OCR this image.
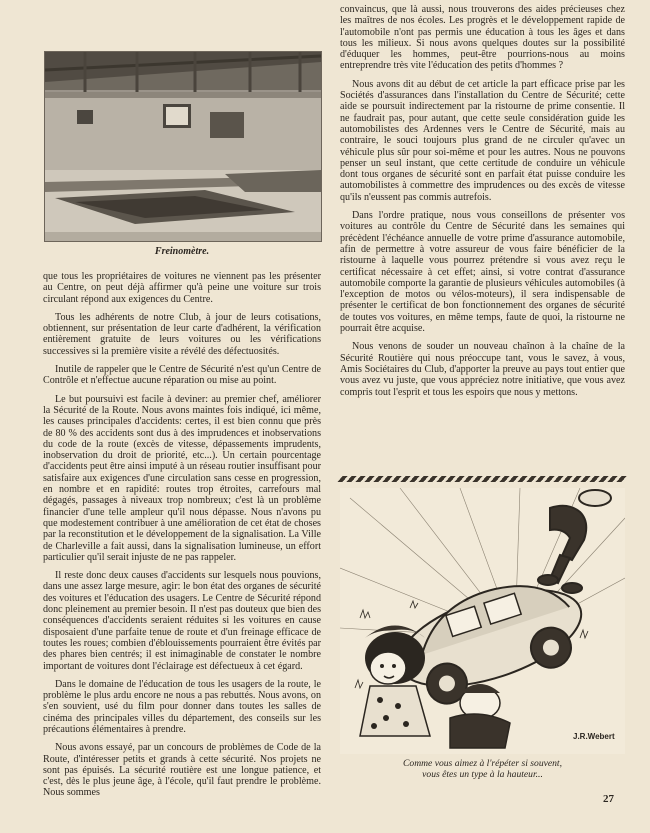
Freinomètre.

que tous les propriétaires de voitures ne viennent pas les présenter au Centre, on peut déjà affirmer qu'à peine une voiture sur trois circulant répond aux exigences du Centre.

Tous les adhérents de notre Club, à jour de leurs cotisations, obtiennent, sur présentation de leur carte d'adhérent, la vérification entièrement gratuite de leurs voitures ou les vérifications successives si la première visite a révélé des défectuosités.

Inutile de rappeler que le Centre de Sécurité n'est qu'un Centre de Contrôle et n'effectue aucune réparation ou mise au point.

Le but poursuivi est facile à deviner: au premier chef, améliorer la Sécurité de la Route. Nous avons maintes fois indiqué, ici même, les causes principales d'accidents: certes, il est bien connu que près de 80 % des accidents sont dus à des imprudences et inobservations du code de la route (excès de vitesse, dépassements imprudents, inobservation du droit de priorité, etc...). Un certain pourcentage d'accidents peut être ainsi imputé à un réseau routier insuffisant pour satisfaire aux exigences d'une circulation sans cesse en progression, en nombre et en rapidité: routes trop étroites, carrefours mal dégagés, passages à niveaux trop nombreux; c'est là un problème financier d'une telle ampleur qu'il nous dépasse. Nous n'avons pu que modestement contribuer à une amélioration de cet état de choses par la reconstitution et le développement de la signalisation. La Ville de Charleville a fait aussi, dans la signalisation lumineuse, un effort particulier qu'il serait injuste de ne pas rappeler.

Il reste donc deux causes d'accidents sur lesquels nous pouvions, dans une assez large mesure, agir: le bon état des organes de sécurité des voitures et l'éducation des usagers. Le Centre de Sécurité répond donc pleinement au premier besoin. Il n'est pas douteux que bien des conséquences d'accidents seraient réduites si les voitures en cause disposaient d'une parfaite tenue de route et d'un freinage efficace de toutes les roues; combien d'éblouissements pourraient être évités par des phares bien centrés; il est inimaginable de constater le nombre important de voitures dont l'éclairage est défectueux à cet égard.

Dans le domaine de l'éducation de tous les usagers de la route, le problème le plus ardu encore ne nous a pas rebuttés. Nous avons, on s'en souvient, usé du film pour donner dans toutes les salles de cinéma des principales villes du département, des conseils sur les précautions élémentaires à prendre.

Nous avons essayé, par un concours de problèmes de Code de la Route, d'intéresser petits et grands à cette sécurité. Nos projets ne sont pas épuisés. La sécurité routière est une longue patience, et c'est, dès le plus jeune âge, à l'école, qu'il faut prendre le problème. Nous sommes

convaincus, que là aussi, nous trouverons des aides précieuses chez les maîtres de nos écoles. Les progrès et le développement rapide de l'automobile n'ont pas permis une éducation à tous les âges et dans tous les milieux. Si nous avons quelques doutes sur la possibilité d'éduquer les hommes, peut-être pourrions-nous au moins entreprendre très vite l'éducation des petits d'hommes ?

Nous avons dit au début de cet article la part efficace prise par les Sociétés d'assurances dans l'installation du Centre de Sécurité; cette aide se poursuit indirectement par la ristourne de prime consentie. Il ne faudrait pas, pour autant, que cette seule considération guide les automobilistes des Ardennes vers le Centre de Sécurité, mais au contraire, le souci toujours plus grand de ne circuler qu'avec un véhicule plus sûr pour soi-même et pour les autres. Nous ne pouvons penser un seul instant, que cette certitude de conduire un véhicule dont tous organes de sécurité sont en parfait état puisse conduire les automobilistes à commettre des imprudences ou des excès de vitesse qu'ils n'eussent pas commis autrefois.

Dans l'ordre pratique, nous vous conseillons de présenter vos voitures au contrôle du Centre de Sécurité dans les semaines qui précèdent l'échéance annuelle de votre prime d'assurance automobile, afin de permettre à votre assureur de vous faire bénéficier de la ristourne à laquelle vous pourrez prétendre si vous avez reçu le certificat nécessaire à cet effet; ainsi, si votre contrat d'assurance automobile comporte la garantie de plusieurs véhicules automobiles (à l'exception de motos ou vélos-moteurs), il sera indispensable de présenter le certificat de bon fonctionnement des organes de sécurité de toutes vos voitures, en même temps, faute de quoi, la ristourne ne pourrait être acquise.

Nous venons de souder un nouveau chaînon à la chaîne de la Sécurité Routière qui nous préoccupe tant, vous le savez, à vous, Amis Sociétaires du Club, d'apporter la preuve au pays tout entier que vous avez vu juste, que vous appréciez notre initiative, que vous avez compris tout l'esprit et tous les espoirs que nous y mettons.

J.R.Webert
Comme vous aimez à l'répéter si souvent,
vous êtes un type à la hauteur...
27
